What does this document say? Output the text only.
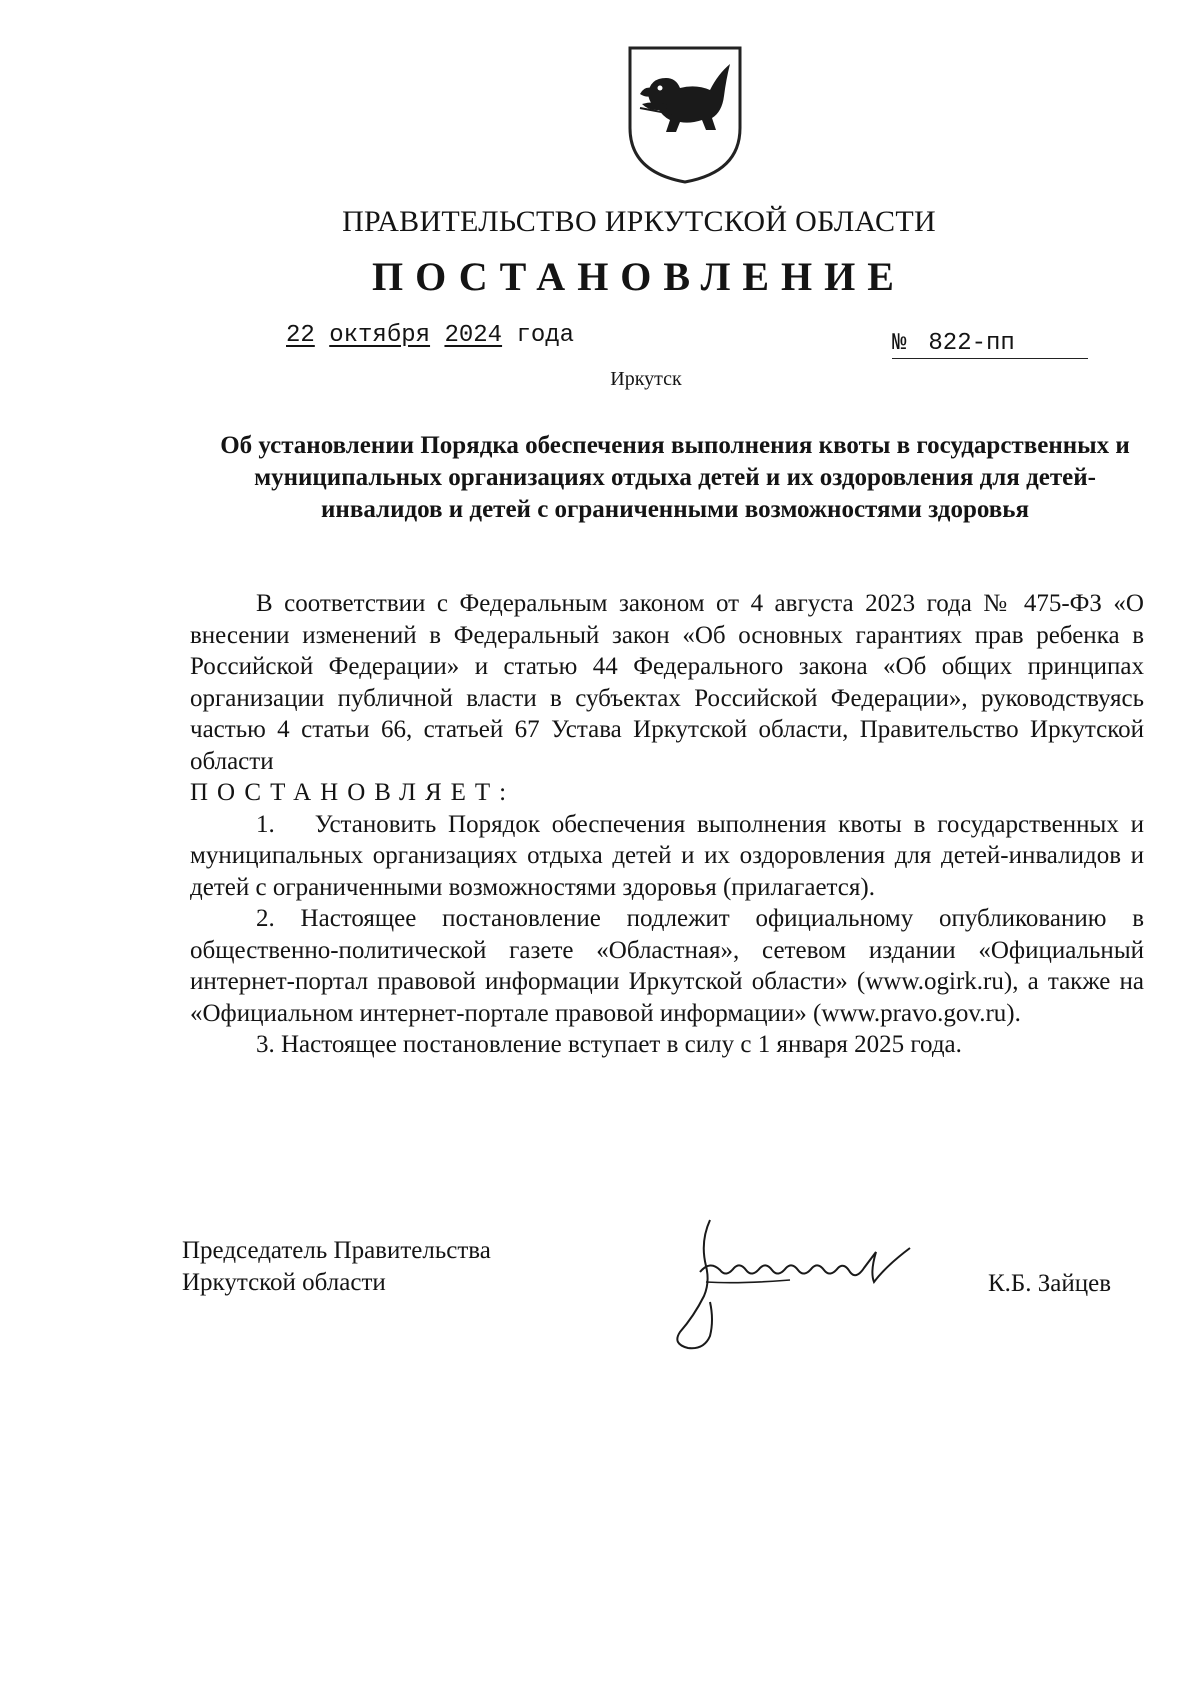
ПРАВИТЕЛЬСТВО ИРКУТСКОЙ ОБЛАСТИ
ПОСТАНОВЛЕНИЕ
22 октября 2024 года	№ 822-пп
Иркутск
Об установлении Порядка обеспечения выполнения квоты в государственных и муниципальных организациях отдыха детей и их оздоровления для детей-инвалидов и детей с ограниченными возможностями здоровья

В соответствии с Федеральным законом от 4 августа 2023 года № 475-ФЗ «О внесении изменений в Федеральный закон «Об основных гарантиях прав ребенка в Российской Федерации» и статью 44 Федерального закона «Об общих принципах организации публичной власти в субъектах Российской Федерации», руководствуясь частью 4 статьи 66, статьей 67 Устава Иркутской области, Правительство Иркутской области

ПОСТАНОВЛЯЕТ:

1. Установить Порядок обеспечения выполнения квоты в государственных и муниципальных организациях отдыха детей и их оздоровления для детей-инвалидов и детей с ограниченными возможностями здоровья (прилагается).

2. Настоящее постановление подлежит официальному опубликованию в общественно-политической газете «Областная», сетевом издании «Официальный интернет-портал правовой информации Иркутской области» (www.ogirk.ru), а также на «Официальном интернет-портале правовой информации» (www.pravo.gov.ru).

3. Настоящее постановление вступает в силу с 1 января 2025 года.

Председатель Правительства
Иркутской области	К.Б. Зайцев
